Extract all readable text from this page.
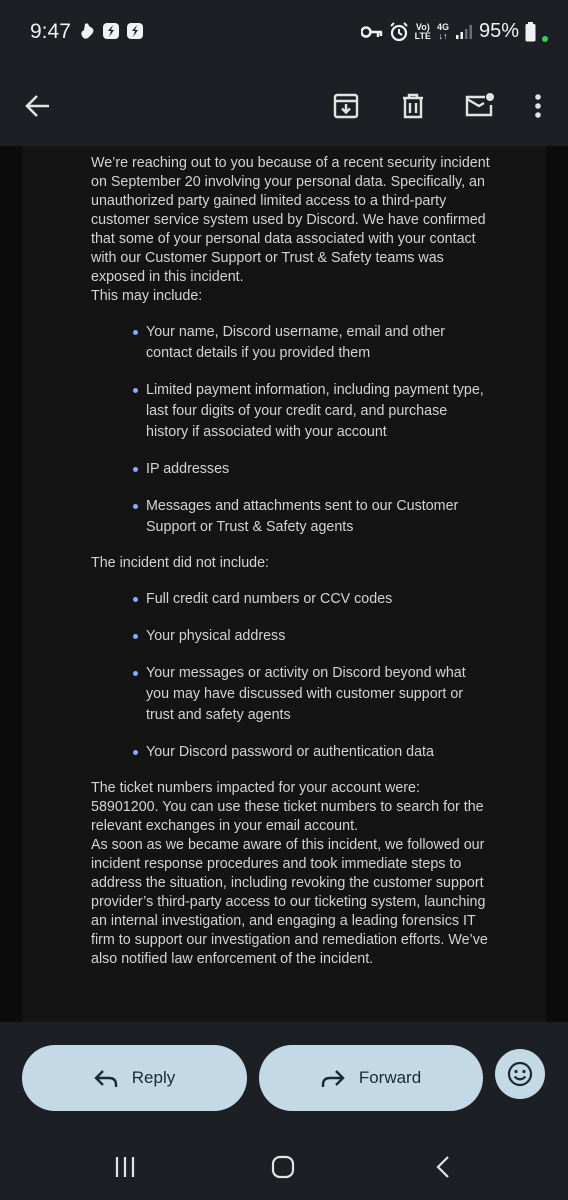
9:47	Vo)
LTE
4G
↓↑ 95%

We’re reaching out to you because of a recent security incident on September 20 involving your personal data. Specifically, an unauthorized party gained limited access to a third-party customer service system used by Discord. We have confirmed that some of your personal data associated with your contact with our Customer Support or Trust & Safety teams was exposed in this incident.

This may include:

Your name, Discord username, email and other contact details if you provided them
Limited payment information, including payment type, last four digits of your credit card, and purchase history if associated with your account
IP addresses
Messages and attachments sent to our Customer Support or Trust & Safety agents

The incident did not include:

Full credit card numbers or CCV codes
Your physical address
Your messages or activity on Discord beyond what you may have discussed with customer support or trust and safety agents
Your Discord password or authentication data

The ticket numbers impacted for your account were: 58901200. You can use these ticket numbers to search for the relevant exchanges in your email account.

As soon as we became aware of this incident, we followed our incident response procedures and took immediate steps to address the situation, including revoking the customer support provider’s third-party access to our ticketing system, launching an internal investigation, and engaging a leading forensics IT firm to support our investigation and remediation efforts. We’ve also notified law enforcement of the incident.

Reply	Forward
